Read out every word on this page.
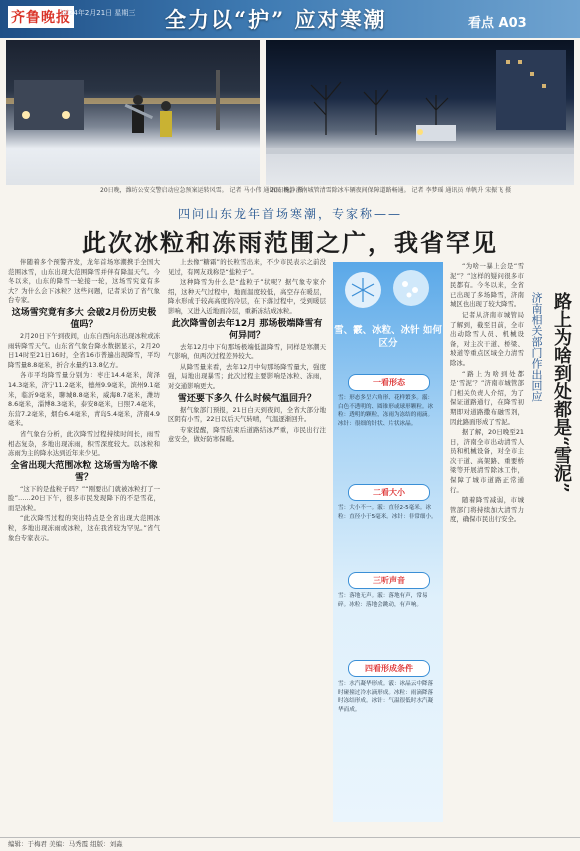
齐鲁晚报
2024年2月21日 星期三 全力以“护” 应对寒潮	看点 A03
20日晚，潍坊公安交警启动应急预案运转风雪。 记者 马小伟 通讯员 杨静 摄
20日晚，济南城管清雪除冰车辆夜间保障道路畅通。 记者 李梦瑶 通讯员 单帆升 宋振飞 摄
四问山东龙年首场寒潮，专家称——
此次冰粒和冻雨范围之广，我省罕见

伴随着多个预警齐发，龙年首场寒潮携手全国大范围冰雪，山东出现大范围降雪并伴有降温天气。今冬以来，山东的降雪一轮接一轮，这场雪究竟有多大？为什么会下冰粒？这些问题，记者采访了省气象台专家。

这场雪究竟有多大 会破2月份历史极值吗？

2月20日下午到夜间，山东自西向东出现冰粒或冻雨转降雪天气。山东省气象台降水数据显示，2月20日14时至21日16时，全省16市普遍出现降雪，平均降雪量8.8毫米，折合水量约13.8亿方。

各市平均降雪量分别为：枣庄14.4毫米，菏泽14.3毫米，济宁11.2毫米，德州9.9毫米，滨州9.1毫米，临沂9毫米，聊城8.8毫米，威海8.7毫米，潍坊8.6毫米，淄博8.3毫米，泰安8毫米，日照7.4毫米，东营7.2毫米，烟台6.4毫米，青岛5.4毫米，济南4.9毫米。

省气象台分析，此次降雪过程持续时间长，雨雪相态复杂，多地出现冻雨，积雪深度较大。以冰粒和冻雨为主的降水达到近年来少见。

全省出现大范围冰粒 这场雪为啥不像雪？

“这下的是盐粒子吗？”“刚要出门就被冰粒打了一脸”……20日下午，很多市民发现降下的不是雪花，而是冰粒。

“此次降雪过程的突出特点是全省出现大范围冰粒，多地出现冻雨或冰粒，这在我省较为罕见。”省气象台专家表示。

上去像“糖霜”的长粒雪出来，不少市民表示之前没见过，有网友戏称是“盐粒子”。

这种降雪为什么是“盐粒子”状呢？据气象专家介绍，这种天气过程中，地面温度较低，高空存在暖层，降水形成于较高高度的冷层，在下落过程中，受到暖层影响，又进入近地面冷层，重新冻结成冰粒。

此次降雪创去年12月 那场极端降雪有何异同？

去年12月中下旬那场极端低温降雪，同样是寒潮天气影响，但两次过程差异较大。

从降雪量来看，去年12月中旬那场降雪量大，强度强，局地出现暴雪；此次过程主要影响是冰粒、冻雨，对交通影响更大。

雪还要下多久 什么时候气温回升？

据气象部门预报，21日白天到夜间，全省大部分地区阴有小雪，22日以后天气转晴，气温逐渐回升。

专家提醒，降雪结束后道路结冰严重，市民出行注意安全，做好防寒保暖。

雪、霰、冰粒、冰针 如何区分
一看形态
雪：形态多呈六角形、花样繁多。霰：白色不透明的、圆锥形或球形颗粒。冰粒：透明的颗粒，冻雨为冻结的雨滴。冰针：很细的针状、片状冰晶。
二看大小
雪：大小不一。霰：直径2-5毫米。冰粒：直径小于5毫米。冰针：非常细小。
三听声音
雪：落地无声。霰：落地有声，常易碎。冰粒：落地会跳动，有声响。
四看形成条件
雪：水汽凝华形成。霰：冰晶云中降落时碰撞过冷水滴形成。冰粒：雨滴降落时冻结形成。冰针：气温很低时水汽凝华而成。

“为啥一暴上会是“雪泥”？”这样的疑问很多市民都有。今冬以来，全省已出现了多场降雪，济南城区也出现了较大降雪。

记者从济南市城管局了解到，截至目前，全市出动除雪人员、机械设备，对主次干道、桥梁、坡道等重点区域全力清雪除冰。

“路上为啥到处都是‘雪泥’？”济南市城管部门相关负责人介绍，为了保证道路通行，在降雪初期即对道路撒布融雪剂，因此路面形成了雪泥。

据了解，20日晚至21日，济南全市出动清雪人员和机械设备，对全市主次干道、高架路、重要桥梁等开展清雪除冰工作，保障了城市道路正常通行。

随着降雪减弱，市城管部门将持续加大清雪力度，确保市民出行安全。

路上为啥到处都是“雪泥”
济南相关部门作出回应
编辑：于梅君 美编：马秀霞 组版：刘淼
